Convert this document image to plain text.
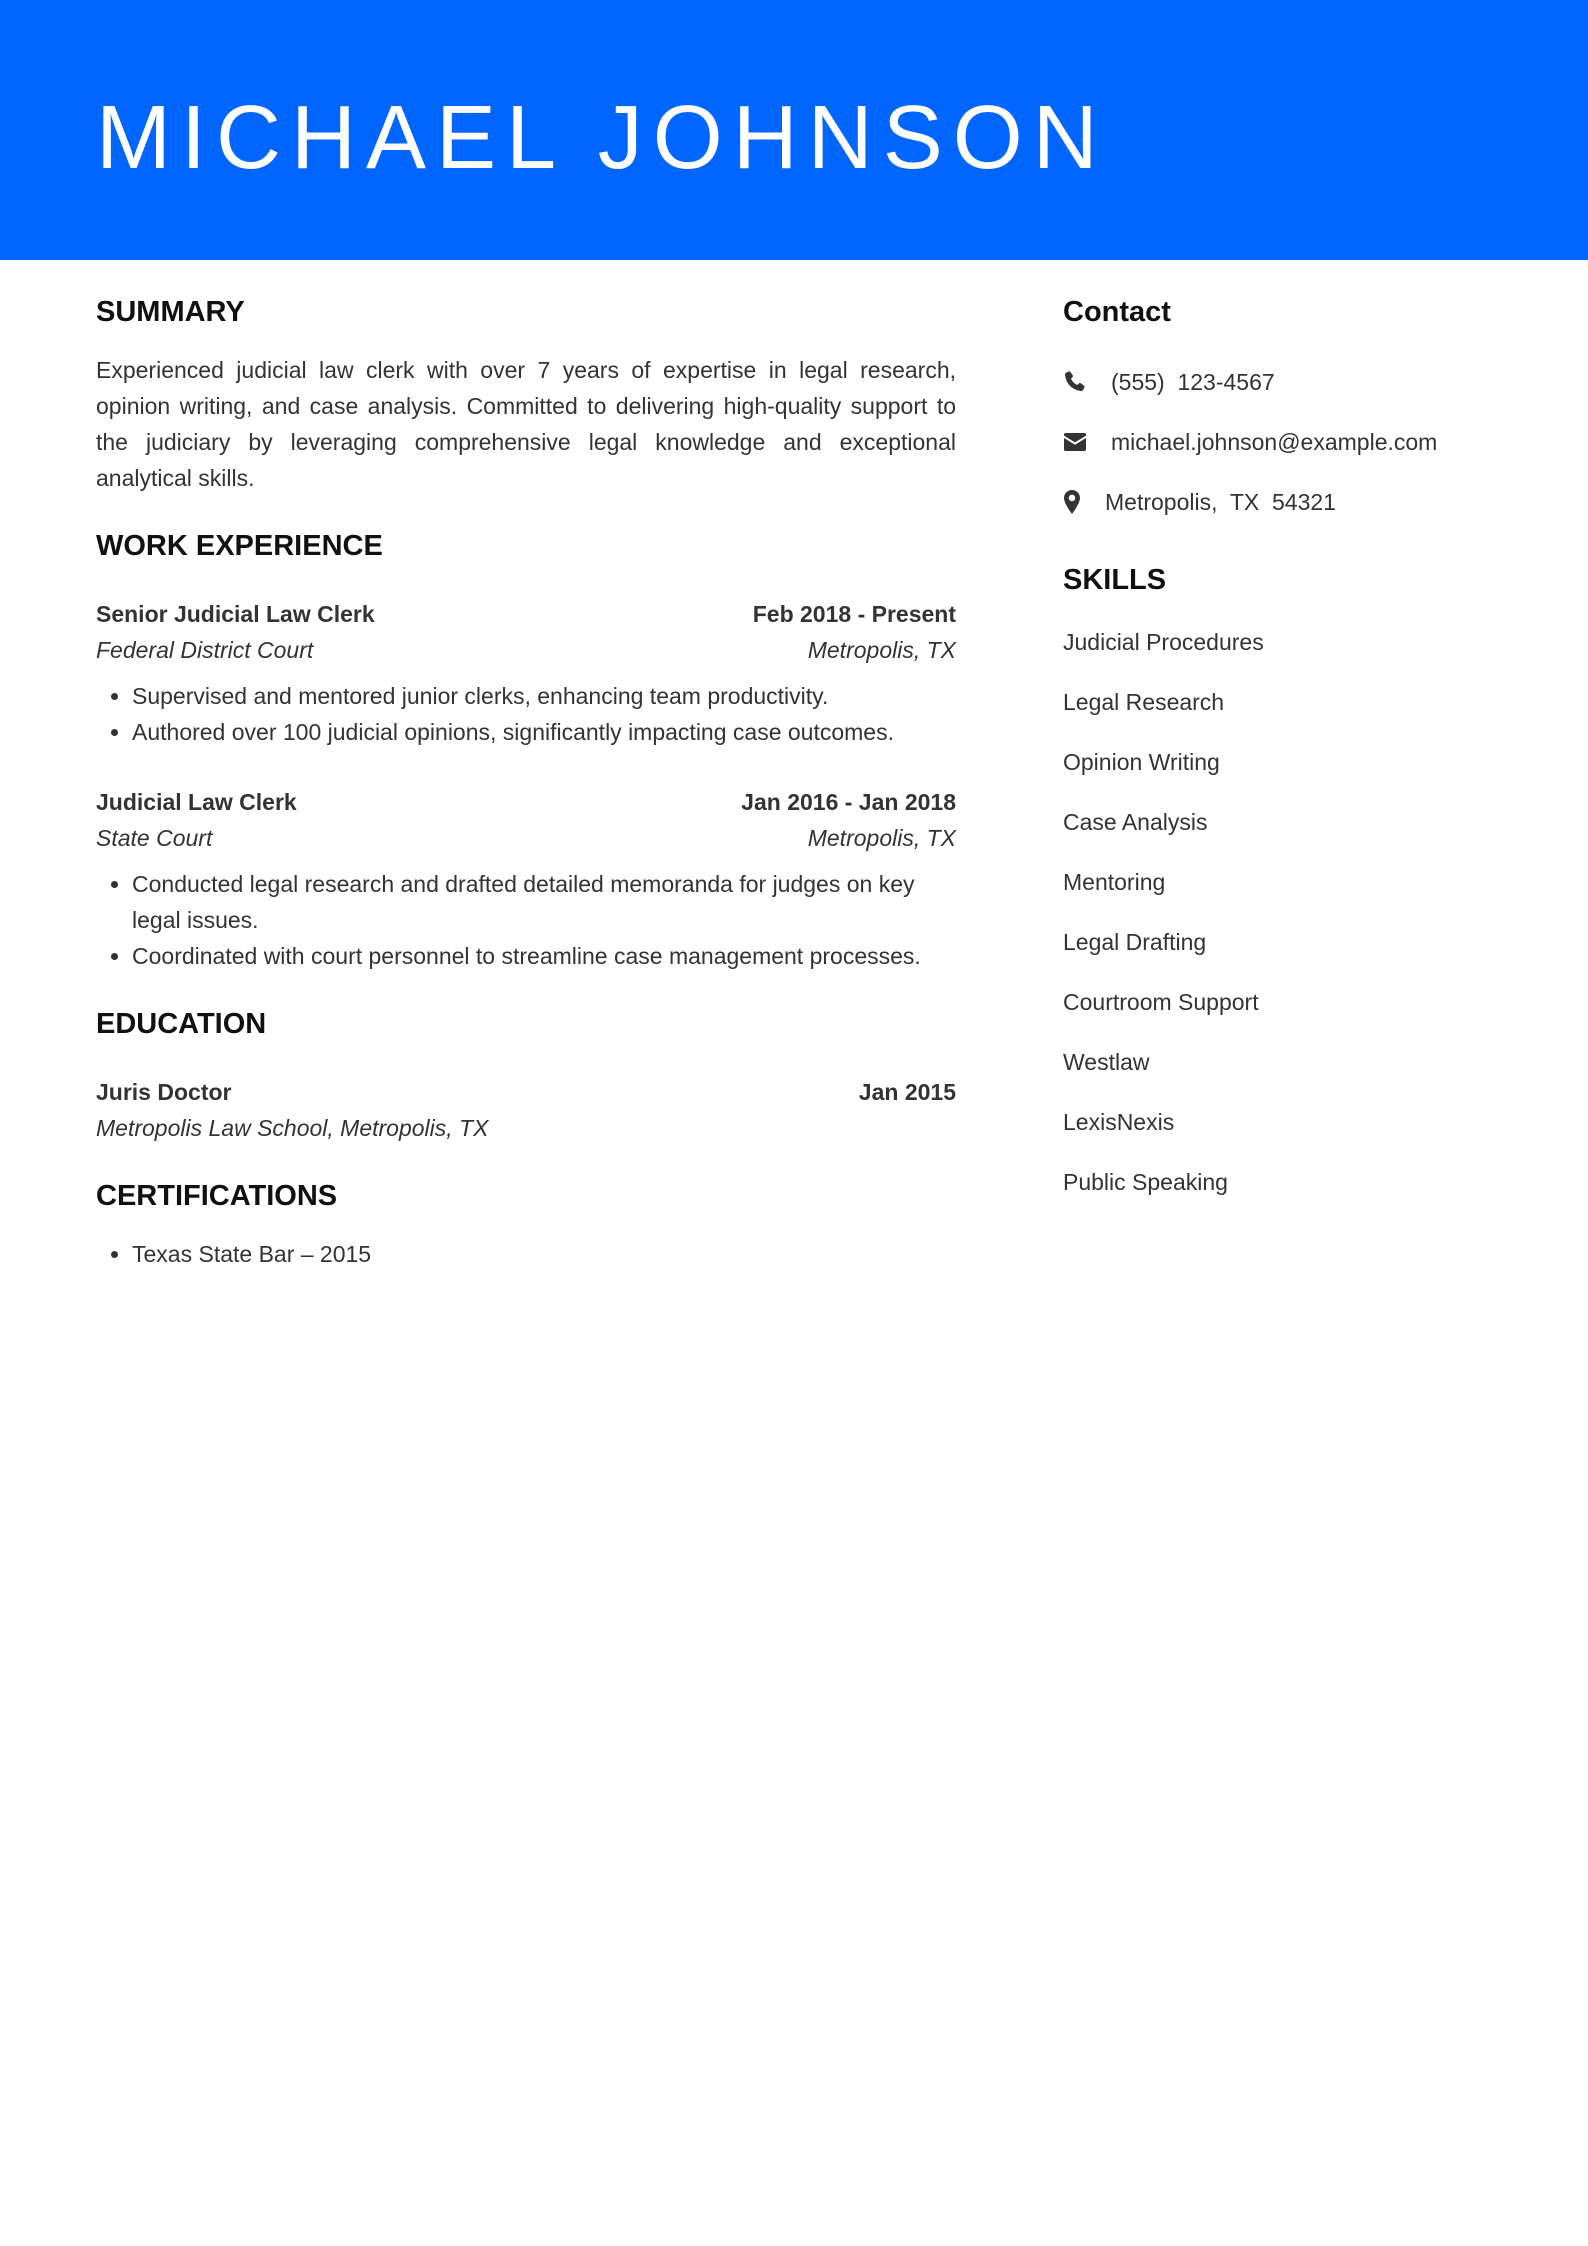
MICHAEL JOHNSON
SUMMARY

Experienced judicial law clerk with over 7 years of expertise in legal research, opinion writing, and case analysis. Committed to delivering high-quality support to the judiciary by leveraging comprehensive legal knowledge and exceptional analytical skills.

WORK EXPERIENCE
Senior Judicial Law Clerk	Feb 2018 - Present
Federal District Court	Metropolis, TX
• Supervised and mentored junior clerks, enhancing team productivity.
• Authored over 100 judicial opinions, significantly impacting case outcomes.
Judicial Law Clerk	Jan 2016 - Jan 2018
State Court	Metropolis, TX
• Conducted legal research and drafted detailed memoranda for judges on key legal issues.
• Coordinated with court personnel to streamline case management processes.
EDUCATION
Juris Doctor	Jan 2015
Metropolis Law School, Metropolis, TX
CERTIFICATIONS
• Texas State Bar – 2015
Contact
(555)  123-4567
michael.johnson@example.com
Metropolis,  TX  54321
SKILLS
Judicial Procedures
Legal Research
Opinion Writing
Case Analysis
Mentoring
Legal Drafting
Courtroom Support
Westlaw
LexisNexis
Public Speaking
